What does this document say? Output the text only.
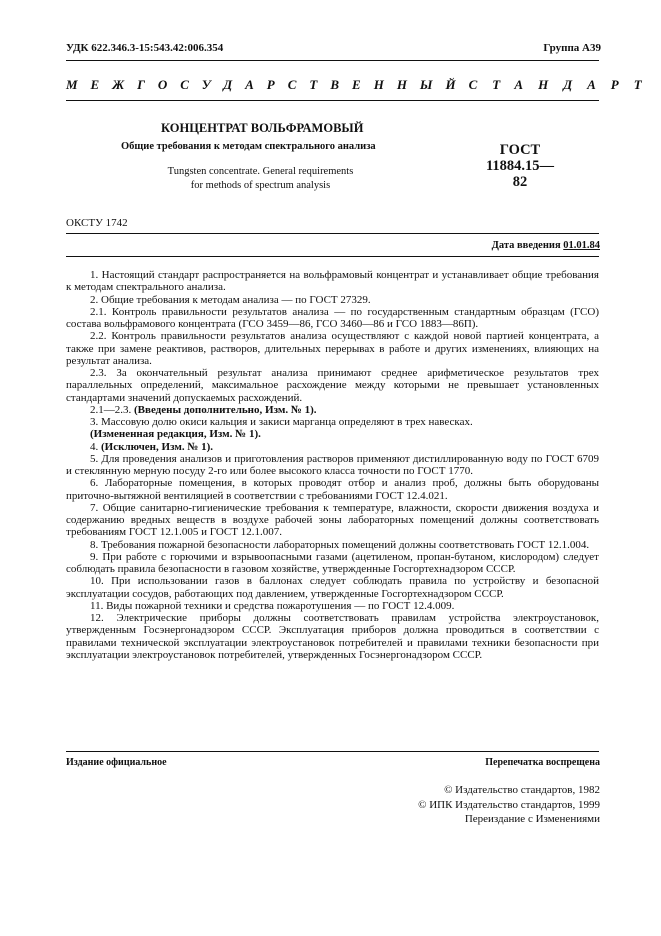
УДК 622.346.3-15:543.42:006.354	Группа А39
МЕЖГОСУДАРСТВЕННЫЙ СТАНДАРТ
КОНЦЕНТРАТ ВОЛЬФРАМОВЫЙ
Общие требования к методам спектрального анализа
Tungsten concentrate. General requirements
for methods of spectrum analysis
ГОСТ
11884.15—82
ОКСТУ 1742
Дата введения 01.01.84

1. Настоящий стандарт распространяется на вольфрамовый концентрат и устанавливает общие требования к методам спектрального анализа.

2. Общие требования к методам анализа — по ГОСТ 27329.

2.1. Контроль правильности результатов анализа — по государственным стандартным образцам (ГСО) состава вольфрамового концентрата (ГСО 3459—86, ГСО 3460—86 и ГСО 1883—86П).

2.2. Контроль правильности результатов анализа осуществляют с каждой новой партией концентрата, а также при замене реактивов, растворов, длительных перерывах в работе и других изменениях, влияющих на результат анализа.

2.3. За окончательный результат анализа принимают среднее арифметическое результатов трех параллельных определений, максимальное расхождение между которыми не превышает установленных стандартами значений допускаемых расхождений.

2.1—2.3. (Введены дополнительно, Изм. № 1).

3. Массовую долю окиси кальция и закиси марганца определяют в трех навесках.

(Измененная редакция, Изм. № 1).

4. (Исключен, Изм. № 1).

5. Для проведения анализов и приготовления растворов применяют дистиллированную воду по ГОСТ 6709 и стеклянную мерную посуду 2-го или более высокого класса точности по ГОСТ 1770.

6. Лабораторные помещения, в которых проводят отбор и анализ проб, должны быть оборудованы приточно-вытяжной вентиляцией в соответствии с требованиями ГОСТ 12.4.021.

7. Общие санитарно-гигиенические требования к температуре, влажности, скорости движения воздуха и содержанию вредных веществ в воздухе рабочей зоны лабораторных помещений должны соответствовать требованиям ГОСТ 12.1.005 и ГОСТ 12.1.007.

8. Требования пожарной безопасности лабораторных помещений должны соответствовать ГОСТ 12.1.004.

9. При работе с горючими и взрывоопасными газами (ацетиленом, пропан-бутаном, кислородом) следует соблюдать правила безопасности в газовом хозяйстве, утвержденные Госгортехнадзором СССР.

10. При использовании газов в баллонах следует соблюдать правила по устройству и безопасной эксплуатации сосудов, работающих под давлением, утвержденные Госгортехнадзором СССР.

11. Виды пожарной техники и средства пожаротушения — по ГОСТ 12.4.009.

12. Электрические приборы должны соответствовать правилам устройства электроустановок, утвержденным Госэнергонадзором СССР. Эксплуатация приборов должна проводиться в соответствии с правилами технической эксплуатации электроустановок потребителей и правилами техники безопасности при эксплуатации электроустановок потребителей, утвержденных Госэнергонадзором СССР.

Издание официальное	Перепечатка воспрещена
© Издательство стандартов, 1982
© ИПК Издательство стандартов, 1999
Переиздание с Изменениями
